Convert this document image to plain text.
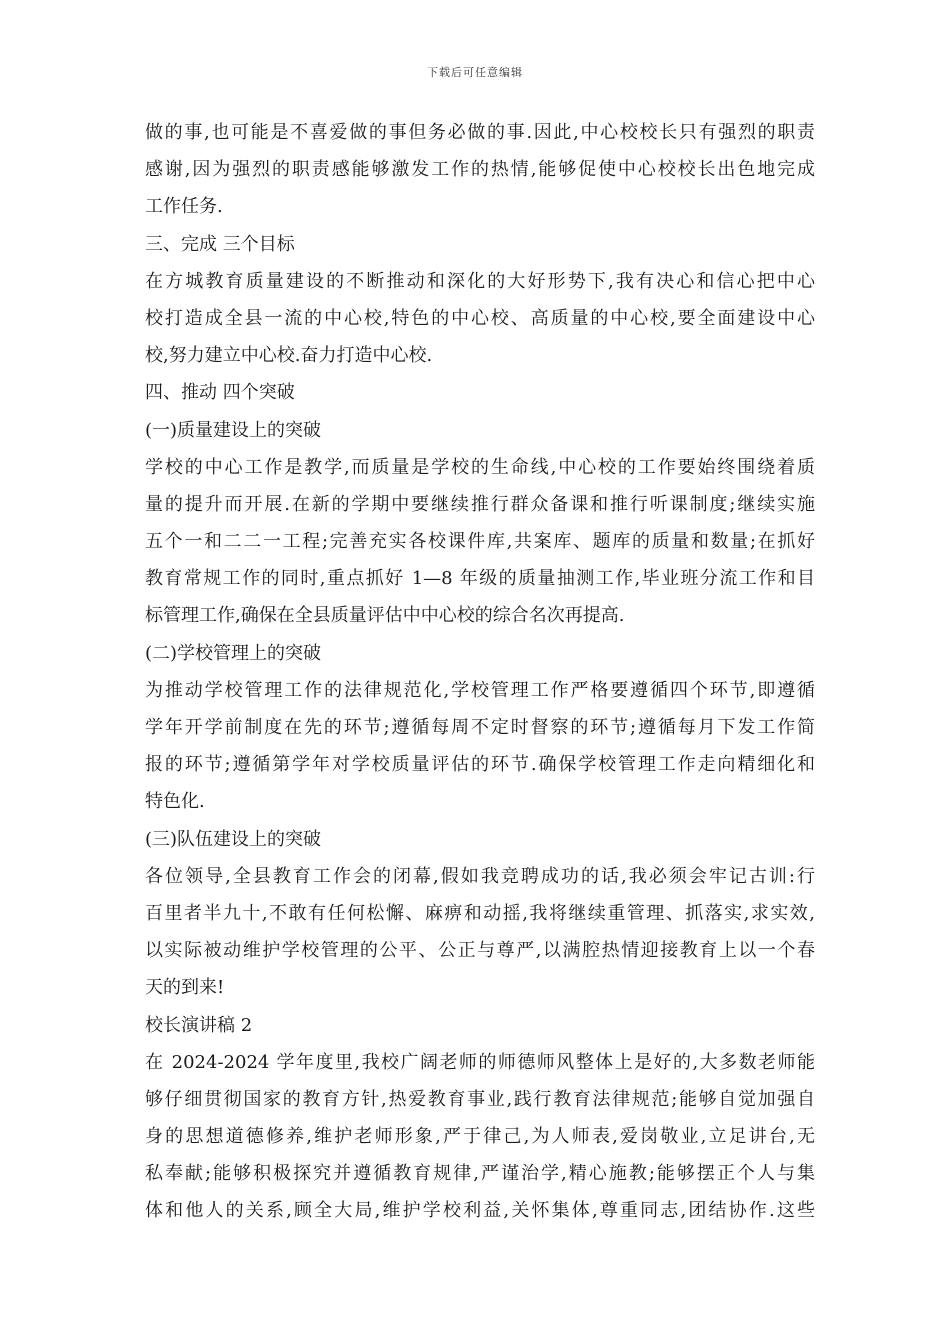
下载后可任意编辑
做的事,也可能是不喜爱做的事但务必做的事.因此,中心校校长只有强烈的职责
感谢,因为强烈的职责感能够激发工作的热情,能够促使中心校校长出色地完成
工作任务.
三、完成 三个目标
在方城教育质量建设的不断推动和深化的大好形势下,我有决心和信心把中心
校打造成全县一流的中心校,特色的中心校、高质量的中心校,要全面建设中心
校,努力建立中心校.奋力打造中心校.
四、推动 四个突破
(一)质量建设上的突破
学校的中心工作是教学,而质量是学校的生命线,中心校的工作要始终围绕着质
量的提升而开展.在新的学期中要继续推行群众备课和推行听课制度;继续实施
五个一和二二一工程;完善充实各校课件库,共案库、题库的质量和数量;在抓好
教育常规工作的同时,重点抓好 1—8 年级的质量抽测工作,毕业班分流工作和目
标管理工作,确保在全县质量评估中中心校的综合名次再提高.
(二)学校管理上的突破
为推动学校管理工作的法律规范化,学校管理工作严格要遵循四个环节,即遵循
学年开学前制度在先的环节;遵循每周不定时督察的环节;遵循每月下发工作简
报的环节;遵循第学年对学校质量评估的环节.确保学校管理工作走向精细化和
特色化.
(三)队伍建设上的突破
各位领导,全县教育工作会的闭幕,假如我竞聘成功的话,我必须会牢记古训:行
百里者半九十,不敢有任何松懈、麻痹和动摇,我将继续重管理、抓落实,求实效,
以实际被动维护学校管理的公平、公正与尊严,以满腔热情迎接教育上以一个春
天的到来!
校长演讲稿 2
在 2024-2024 学年度里,我校广阔老师的师德师风整体上是好的,大多数老师能
够仔细贯彻国家的教育方针,热爱教育事业,践行教育法律规范;能够自觉加强自
身的思想道德修养,维护老师形象,严于律己,为人师表,爱岗敬业,立足讲台,无
私奉献;能够积极探究并遵循教育规律,严谨治学,精心施教;能够摆正个人与集
体和他人的关系,顾全大局,维护学校利益,关怀集体,尊重同志,团结协作.这些
